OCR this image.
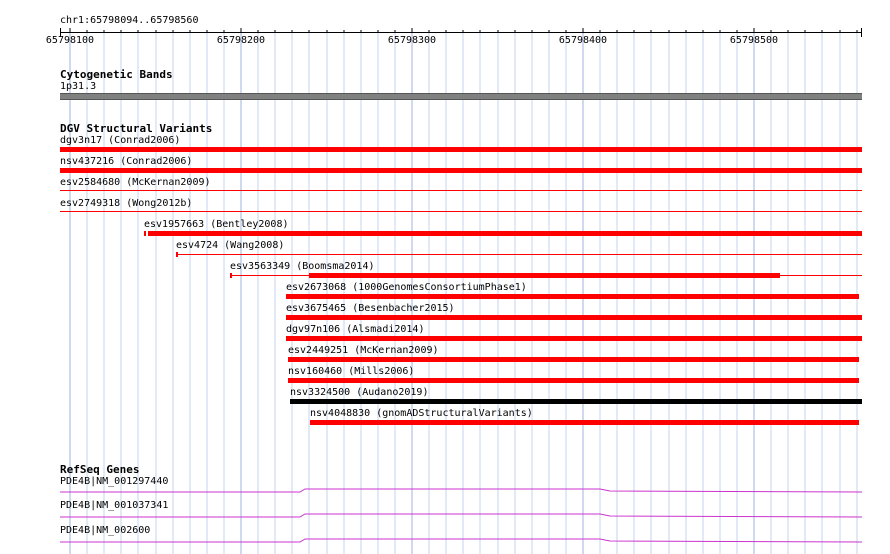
chr1:65798094..65798560
65798100	65798200	65798300	65798400	65798500
Cytogenetic Bands
1p31.3
DGV Structural Variants
dgv3n17 (Conrad2006)
nsv437216 (Conrad2006)
esv2584680 (McKernan2009)
esv2749318 (Wong2012b)
esv1957663 (Bentley2008)
esv4724 (Wang2008)
esv3563349 (Boomsma2014)
esv2673068 (1000GenomesConsortiumPhase1)
esv3675465 (Besenbacher2015)
dgv97n106 (Alsmadi2014)
esv2449251 (McKernan2009)
nsv160460 (Mills2006)
nsv3324500 (Audano2019)
nsv4048830 (gnomADStructuralVariants)
RefSeq Genes
PDE4B|NM_001297440
PDE4B|NM_001037341
PDE4B|NM_002600
